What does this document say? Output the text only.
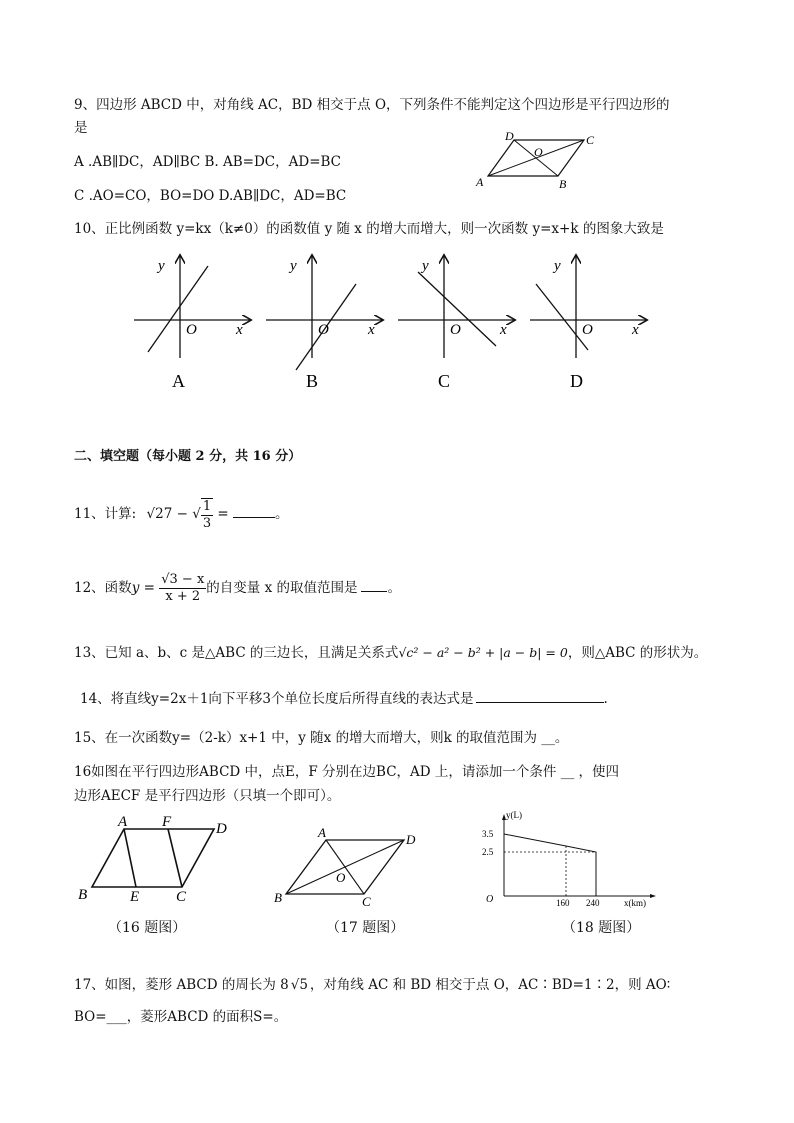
9、四边形 ABCD 中，对角线 AC，BD 相交于点 O，下列条件不能判定这个四边形是平行四边形的
是
A .AB∥DC，AD∥BC B. AB=DC，AD=BC
C .AO=CO，BO=DO D.AB∥DC，AD=BC
A	B
C
D
O
10、正比例函数 y=kx（k≠0）的函数值 y 随 x 的增大而增大，则一次函数 y=x+k 的图象大致是
y
O	x
A
y
O	x
B
y
O	x
C
y
O	x
D
二、填空题（每小题 2 分，共 16 分）
11、计算: √27 − √ $\frac{1}{3}$ =	。
12、函数$y = \frac{√3 - x}{x + 2}$ 的自变量 x 的取值范围是 。
13、已知 a、b、c 是△ABC 的三边长，且满足关系式√c² − a² − b² + |a − b| = 0，则△ABC 的形状为。
14、将直线y=2x＋1向下平移3个单位长度后所得直线的表达式是	.
15、在一次函数y=（2-k）x+1 中，y 随x 的增大而增大，则k 的取值范围为 __。
16如图在平行四边形ABCD 中，点E，F 分别在边BC，AD 上，请添加一个条件 __ ，使四
边形AECF 是平行四边形（只填一个即可）。
A F	D
B	E C
A	D
B	C
O
y(L)
3.5
2.5
O	160 240	x(km)
（16 题图）	（17 题图）	（18 题图）
17、如图，菱形 ABCD 的周长为 8 √5 ，对角线 AC 和 BD 相交于点 O，AC∶BD=1∶2，则 AO∶
BO=___，菱形ABCD 的面积S=。
